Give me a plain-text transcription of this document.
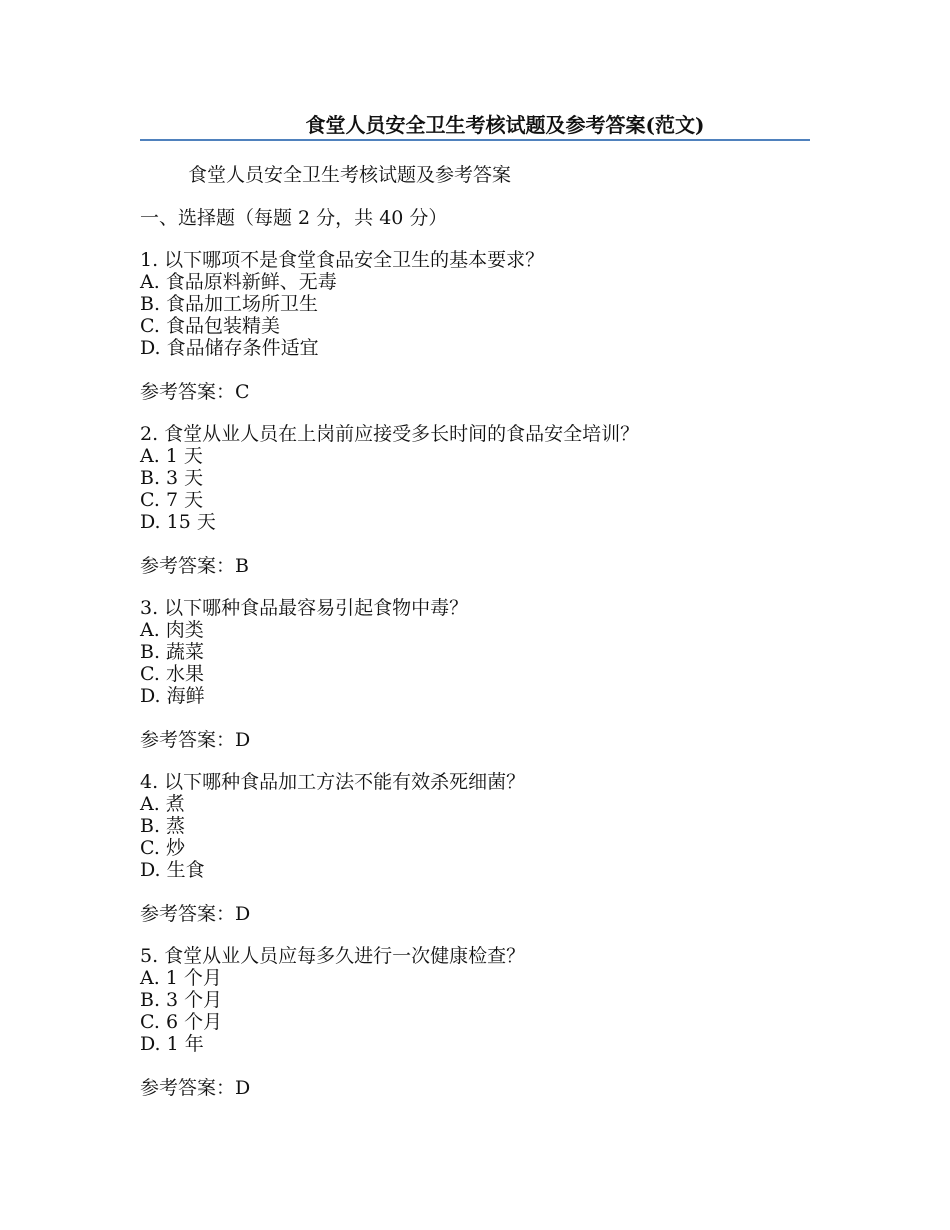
食堂人员安全卫生考核试题及参考答案(范文)
食堂人员安全卫生考核试题及参考答案
一、选择题（每题 2 分，共 40 分）
1. 以下哪项不是食堂食品安全卫生的基本要求？
A. 食品原料新鲜、无毒
B. 食品加工场所卫生
C. 食品包装精美
D. 食品储存条件适宜
参考答案：C
2. 食堂从业人员在上岗前应接受多长时间的食品安全培训？
A. 1 天
B. 3 天
C. 7 天
D. 15 天
参考答案：B
3. 以下哪种食品最容易引起食物中毒？
A. 肉类
B. 蔬菜
C. 水果
D. 海鲜
参考答案：D
4. 以下哪种食品加工方法不能有效杀死细菌？
A. 煮
B. 蒸
C. 炒
D. 生食
参考答案：D
5. 食堂从业人员应每多久进行一次健康检查？
A. 1 个月
B. 3 个月
C. 6 个月
D. 1 年
参考答案：D
